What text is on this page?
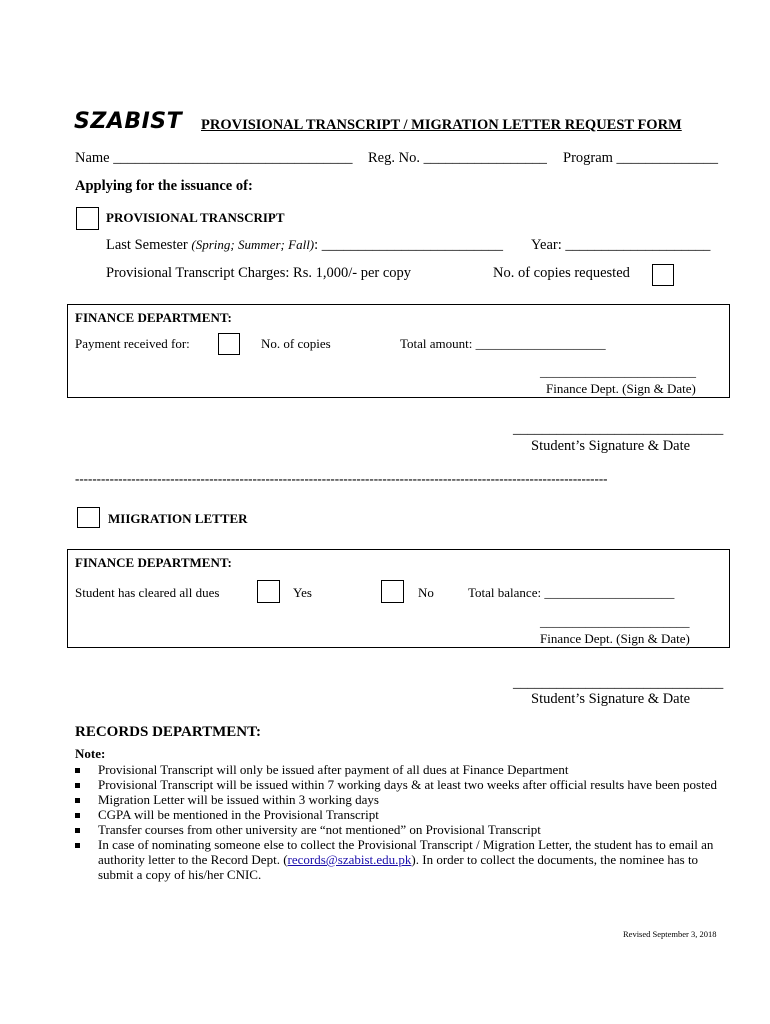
SZABIST PROVISIONAL TRANSCRIPT / MIGRATION LETTER REQUEST FORM
Name _________________________________ Reg. No. _________________ Program ______________
Applying for the issuance of:
PROVISIONAL TRANSCRIPT
Last Semester (Spring; Summer; Fall): _________________________ Year: ____________________
Provisional Transcript Charges: Rs. 1,000/- per copy	No. of copies requested
FINANCE DEPARTMENT:
Payment received for:	No. of copies	Total amount: ____________________
________________________
Finance Dept. (Sign & Date)
_____________________________
Student’s Signature & Date
---------------------------------------------------------------------------------------------------------------------------
MIIGRATION LETTER
FINANCE DEPARTMENT:
Student has cleared all dues	Yes	No	Total balance: ____________________
_______________________
Finance Dept. (Sign & Date)
_____________________________
Student’s Signature & Date
RECORDS DEPARTMENT:
Note:
Provisional Transcript will only be issued after payment of all dues at Finance Department
Provisional Transcript will be issued within 7 working days & at least two weeks after official results have been posted
Migration Letter will be issued within 3 working days
CGPA will be mentioned in the Provisional Transcript
Transfer courses from other university are “not mentioned” on Provisional Transcript
In case of nominating someone else to collect the Provisional Transcript / Migration Letter, the student has to email an authority letter to the Record Dept. (records@szabist.edu.pk). In order to collect the documents, the nominee has to submit a copy of his/her CNIC.
Revised September 3, 2018
